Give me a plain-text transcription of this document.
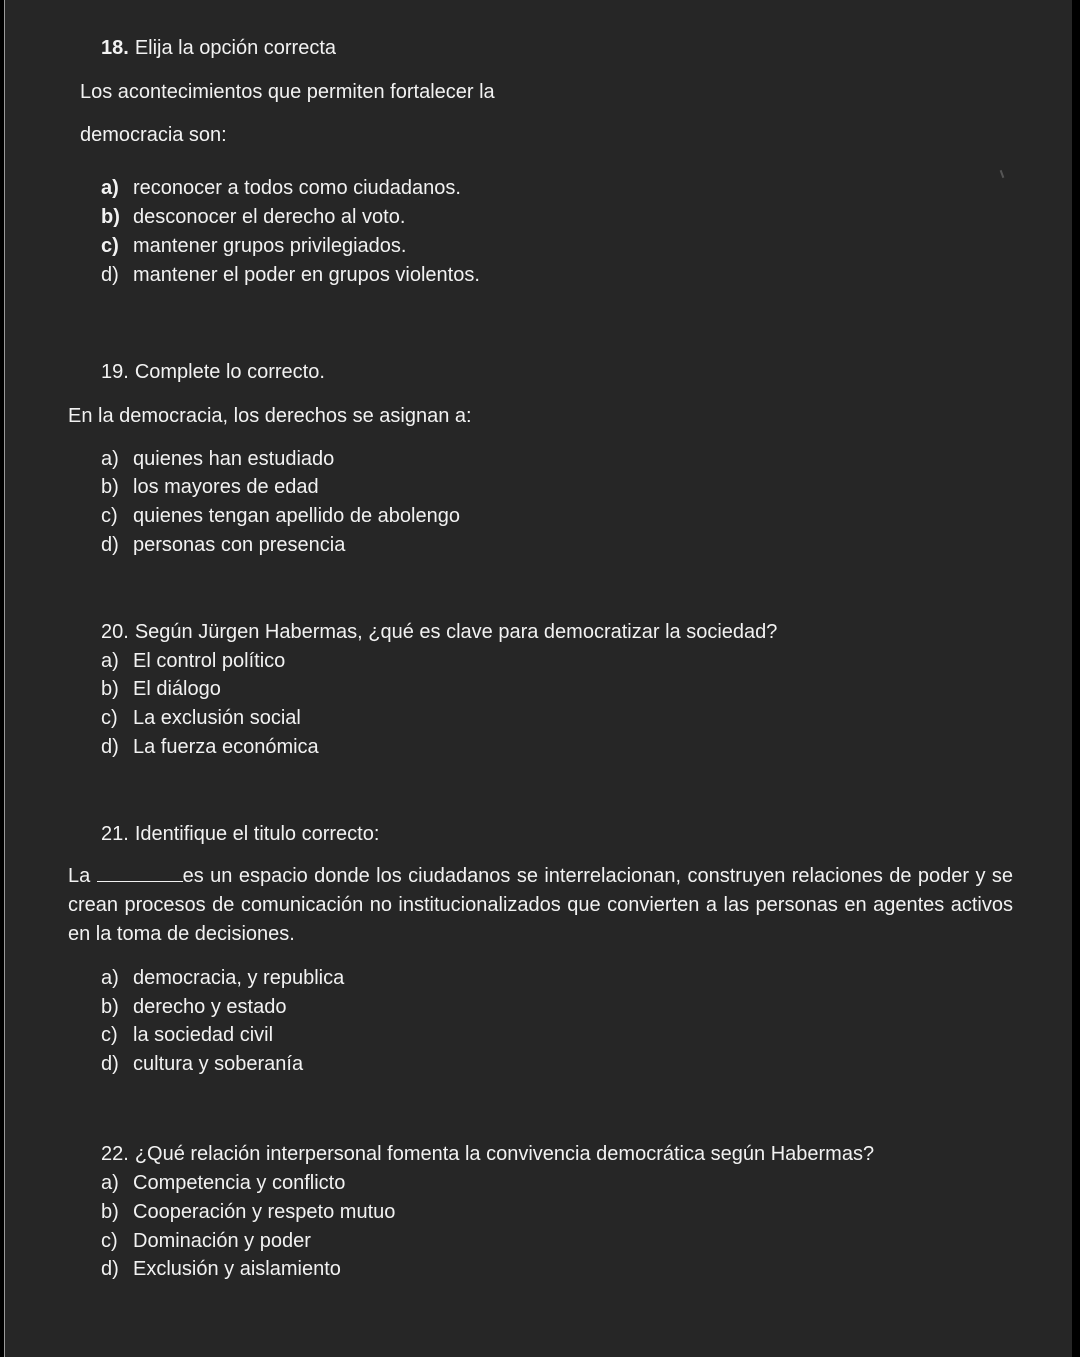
18. Elija la opción correcta
Los acontecimientos que permiten fortalecer la
democracia son:
a) reconocer a todos como ciudadanos.
b) desconocer el derecho al voto.
c) mantener grupos privilegiados.
d) mantener el poder en grupos violentos.
19. Complete lo correcto.
En la democracia, los derechos se asignan a:
a) quienes han estudiado
b) los mayores de edad
c) quienes tengan apellido de abolengo
d) personas con presencia
20. Según Jürgen Habermas, ¿qué es clave para democratizar la sociedad?
a) El control político
b) El diálogo
c) La exclusión social
d) La fuerza económica
21. Identifique el titulo correcto:

La	es un espacio donde los ciudadanos se interrelacionan, construyen relaciones de poder y se crean procesos de comunicación no institucionalizados que convierten a las personas en agentes activos en la toma de decisiones.

a) democracia, y republica
b) derecho y estado
c) la sociedad civil
d) cultura y soberanía
22. ¿Qué relación interpersonal fomenta la convivencia democrática según Habermas?
a) Competencia y conflicto
b) Cooperación y respeto mutuo
c) Dominación y poder
d) Exclusión y aislamiento
